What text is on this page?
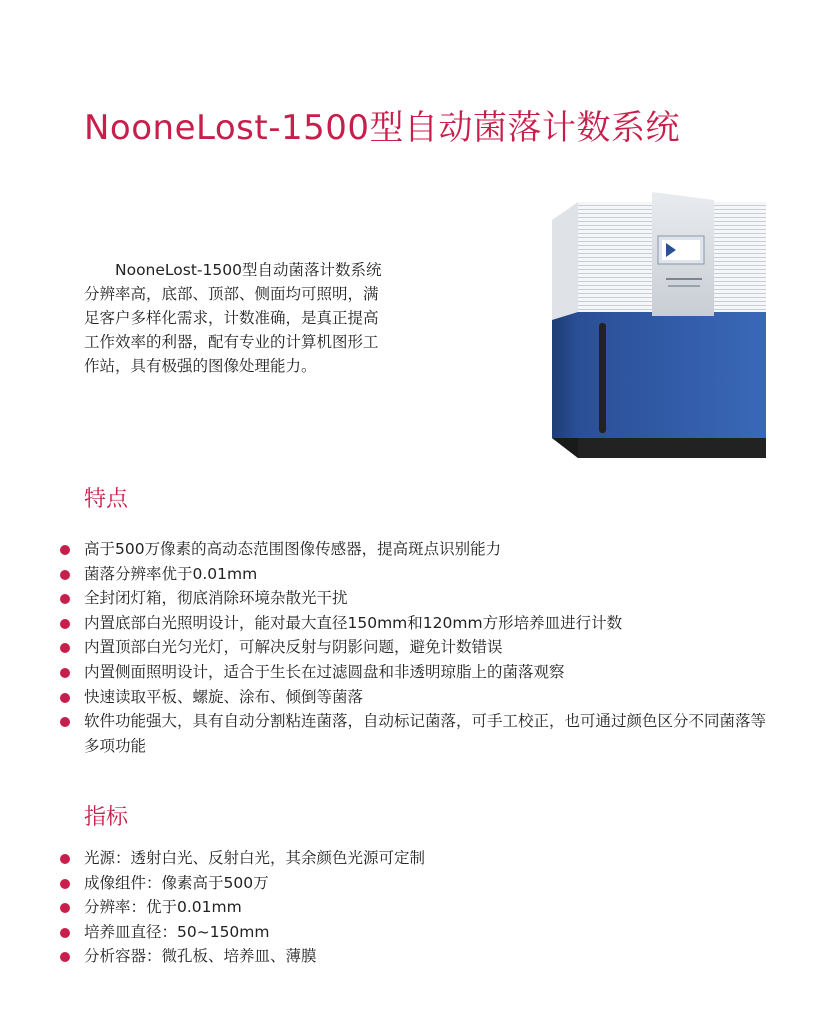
NooneLost-1500型自动菌落计数系统
NooneLost-1500型自动菌落计数系统分辨率高，底部、顶部、侧面均可照明，满足客户多样化需求，计数准确，是真正提高工作效率的利器，配有专业的计算机图形工作站，具有极强的图像处理能力。
特点
高于500万像素的高动态范围图像传感器，提高斑点识别能力
菌落分辨率优于0.01mm
全封闭灯箱，彻底消除环境杂散光干扰
内置底部白光照明设计，能对最大直径150mm和120mm方形培养皿进行计数
内置顶部白光匀光灯，可解决反射与阴影问题，避免计数错误
内置侧面照明设计，适合于生长在过滤圆盘和非透明琼脂上的菌落观察
快速读取平板、螺旋、涂布、倾倒等菌落
软件功能强大，具有自动分割粘连菌落，自动标记菌落，可手工校正，也可通过颜色区分不同菌落等多项功能
指标
光源：透射白光、反射白光，其余颜色光源可定制
成像组件：像素高于500万
分辨率：优于0.01mm
培养皿直径：50~150mm
分析容器：微孔板、培养皿、薄膜
